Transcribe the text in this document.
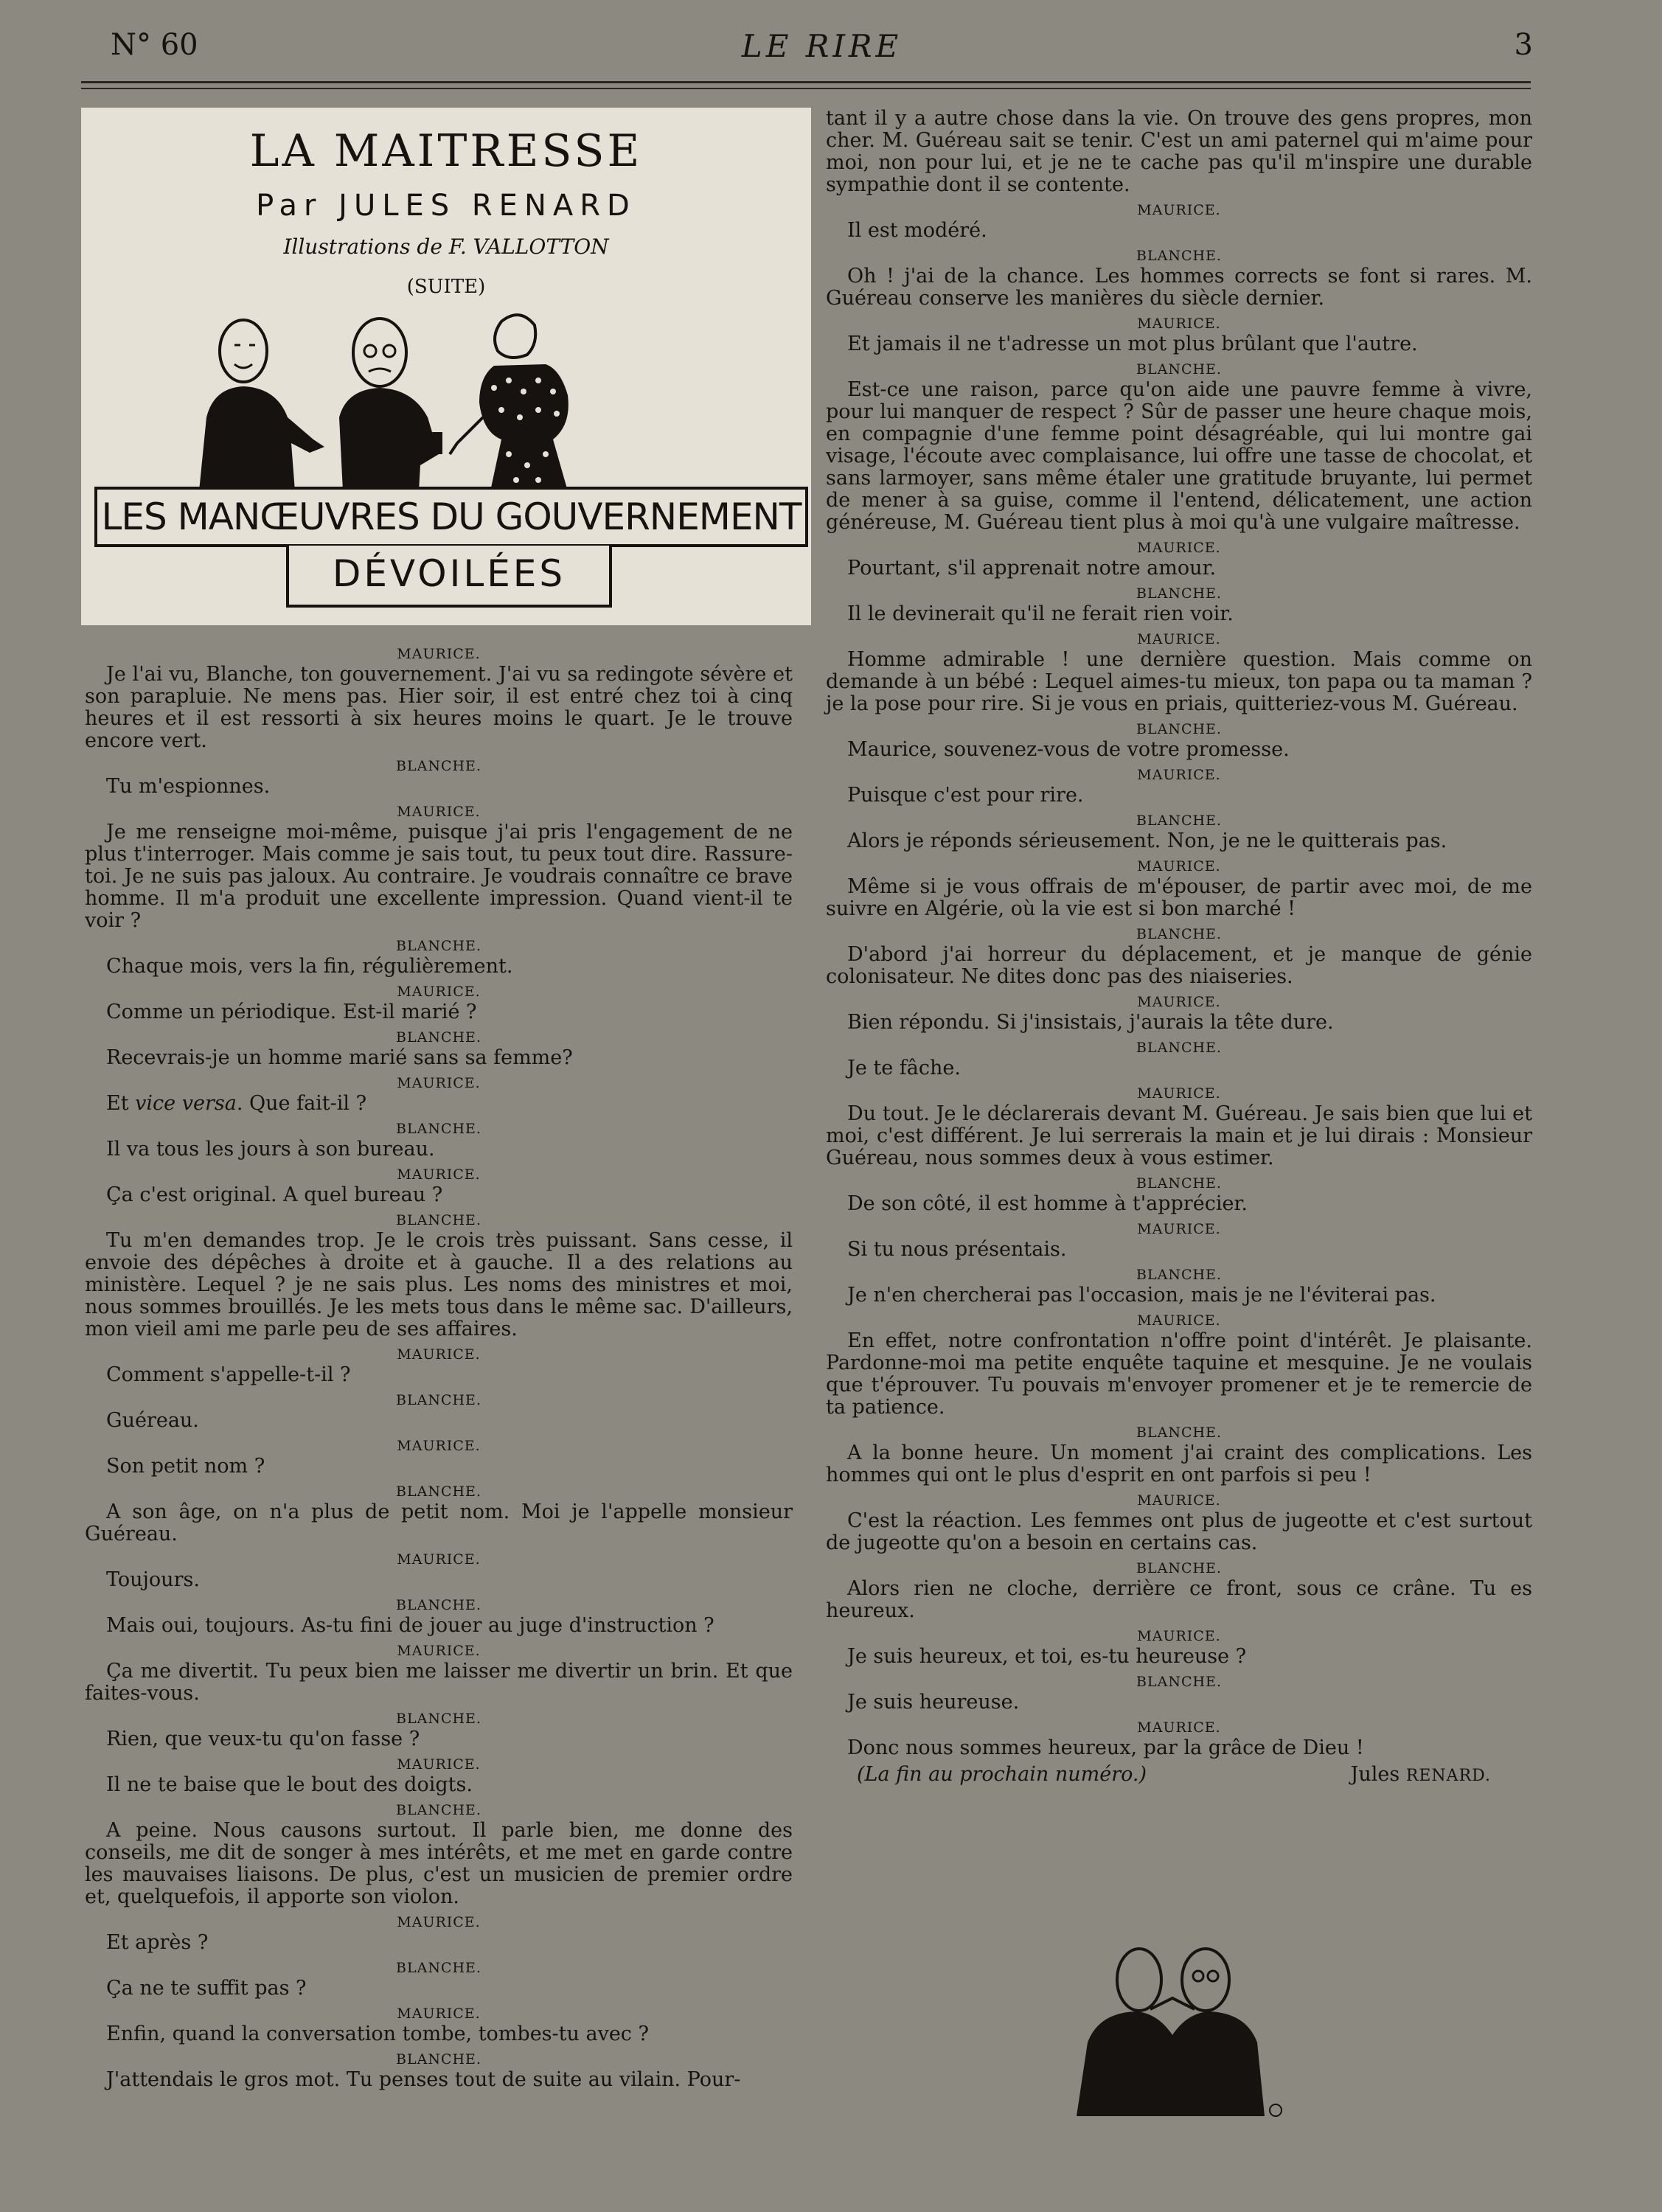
N° 60	LE RIRE	3
LA MAITRESSE
Par JULES RENARD
Illustrations de F. VALLOTTON
(SUITE)
LES MANŒUVRES DU GOUVERNEMENT
DÉVOILÉES
MAURICE.
Je l'ai vu, Blanche, ton gouvernement. J'ai vu sa redingote sévère et son parapluie. Ne mens pas. Hier soir, il est entré chez toi à cinq heures et il est ressorti à six heures moins le quart. Je le trouve encore vert.
BLANCHE.
Tu m'espionnes.
MAURICE.
Je me renseigne moi-même, puisque j'ai pris l'engagement de ne plus t'interroger. Mais comme je sais tout, tu peux tout dire. Rassure-toi. Je ne suis pas jaloux. Au contraire. Je voudrais connaître ce brave homme. Il m'a produit une excellente impression. Quand vient-il te voir ?
BLANCHE.
Chaque mois, vers la fin, régulièrement.
MAURICE.
Comme un périodique. Est-il marié ?
BLANCHE.
Recevrais-je un homme marié sans sa femme?
MAURICE.
Et vice versa. Que fait-il ?
BLANCHE.
Il va tous les jours à son bureau.
MAURICE.
Ça c'est original. A quel bureau ?
BLANCHE.
Tu m'en demandes trop. Je le crois très puissant. Sans cesse, il envoie des dépêches à droite et à gauche. Il a des relations au ministère. Lequel ? je ne sais plus. Les noms des ministres et moi, nous sommes brouillés. Je les mets tous dans le même sac. D'ailleurs, mon vieil ami me parle peu de ses affaires.
MAURICE.
Comment s'appelle-t-il ?
BLANCHE.
Guéreau.
MAURICE.
Son petit nom ?
BLANCHE.
A son âge, on n'a plus de petit nom. Moi je l'appelle monsieur Guéreau.
MAURICE.
Toujours.
BLANCHE.
Mais oui, toujours. As-tu fini de jouer au juge d'instruction ?
MAURICE.
Ça me divertit. Tu peux bien me laisser me divertir un brin. Et que faites-vous.
BLANCHE.
Rien, que veux-tu qu'on fasse ?
MAURICE.
Il ne te baise que le bout des doigts.
BLANCHE.
A peine. Nous causons surtout. Il parle bien, me donne des conseils, me dit de songer à mes intérêts, et me met en garde contre les mauvaises liaisons. De plus, c'est un musicien de premier ordre et, quelquefois, il apporte son violon.
MAURICE.
Et après ?
BLANCHE.
Ça ne te suffit pas ?
MAURICE.
Enfin, quand la conversation tombe, tombes-tu avec ?
BLANCHE.
J'attendais le gros mot. Tu penses tout de suite au vilain. Pour-
tant il y a autre chose dans la vie. On trouve des gens propres, mon cher. M. Guéreau sait se tenir. C'est un ami paternel qui m'aime pour moi, non pour lui, et je ne te cache pas qu'il m'inspire une durable sympathie dont il se contente.
MAURICE.
Il est modéré.
BLANCHE.
Oh ! j'ai de la chance. Les hommes corrects se font si rares. M. Guéreau conserve les manières du siècle dernier.
MAURICE.
Et jamais il ne t'adresse un mot plus brûlant que l'autre.
BLANCHE.
Est-ce une raison, parce qu'on aide une pauvre femme à vivre, pour lui manquer de respect ? Sûr de passer une heure chaque mois, en compagnie d'une femme point désagréable, qui lui montre gai visage, l'écoute avec complaisance, lui offre une tasse de chocolat, et sans larmoyer, sans même étaler une gratitude bruyante, lui permet de mener à sa guise, comme il l'entend, délicatement, une action généreuse, M. Guéreau tient plus à moi qu'à une vulgaire maîtresse.
MAURICE.
Pourtant, s'il apprenait notre amour.
BLANCHE.
Il le devinerait qu'il ne ferait rien voir.
MAURICE.
Homme admirable ! une dernière question. Mais comme on demande à un bébé : Lequel aimes-tu mieux, ton papa ou ta maman ? je la pose pour rire. Si je vous en priais, quitteriez-vous M. Guéreau.
BLANCHE.
Maurice, souvenez-vous de votre promesse.
MAURICE.
Puisque c'est pour rire.
BLANCHE.
Alors je réponds sérieusement. Non, je ne le quitterais pas.
MAURICE.
Même si je vous offrais de m'épouser, de partir avec moi, de me suivre en Algérie, où la vie est si bon marché !
BLANCHE.
D'abord j'ai horreur du déplacement, et je manque de génie colonisateur. Ne dites donc pas des niaiseries.
MAURICE.
Bien répondu. Si j'insistais, j'aurais la tête dure.
BLANCHE.
Je te fâche.
MAURICE.
Du tout. Je le déclarerais devant M. Guéreau. Je sais bien que lui et moi, c'est différent. Je lui serrerais la main et je lui dirais : Monsieur Guéreau, nous sommes deux à vous estimer.
BLANCHE.
De son côté, il est homme à t'apprécier.
MAURICE.
Si tu nous présentais.
BLANCHE.
Je n'en chercherai pas l'occasion, mais je ne l'éviterai pas.
MAURICE.
En effet, notre confrontation n'offre point d'intérêt. Je plaisante. Pardonne-moi ma petite enquête taquine et mesquine. Je ne voulais que t'éprouver. Tu pouvais m'envoyer promener et je te remercie de ta patience.
BLANCHE.
A la bonne heure. Un moment j'ai craint des complications. Les hommes qui ont le plus d'esprit en ont parfois si peu !
MAURICE.
C'est la réaction. Les femmes ont plus de jugeotte et c'est surtout de jugeotte qu'on a besoin en certains cas.
BLANCHE.
Alors rien ne cloche, derrière ce front, sous ce crâne. Tu es heureux.
MAURICE.
Je suis heureux, et toi, es-tu heureuse ?
BLANCHE.
Je suis heureuse.
MAURICE.
Donc nous sommes heureux, par la grâce de Dieu !
(La fin au prochain numéro.)	Jules RENARD.
